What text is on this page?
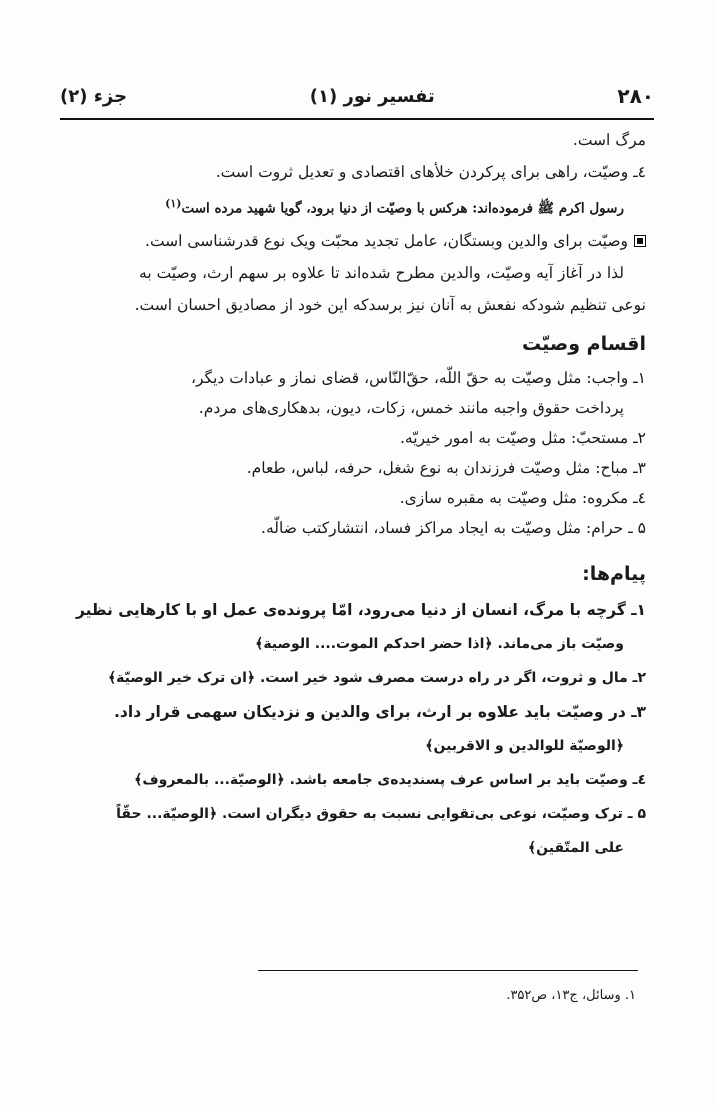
۲۸۰
تفسیر نور (۱)
جزء (۲)
مرگ است.
٤ـ وصیّت، راهی برای پرکردن خلأهای اقتصادی و تعدیل ثروت است.
رسول اکرم ﷺ فرموده‌اند: هرکس با وصیّت از دنیا برود، گویا شهید مرده است$^{(۱)}$
وصیّت برای والدین وبستگان، عامل تجدید محبّت ویک نوع قدرشناسی است.
لذا در آغاز آیه وصیّت، والدین مطرح شده‌اند تا علاوه بر سهم ارث، وصیّت به
نوعی تنظیم شودکه نفعش به آنان نیز برسدکه این خود از مصادیق احسان است.
اقسام وصیّت
۱ـ واجب: مثل وصیّت به حقّ اللّه، حقّ‌النّاس، قضای نماز و عبادات دیگر،
پرداخت حقوق واجبه مانند خمس، زکات، دیون، بدهکاری‌های مردم.
۲ـ مستحبّ: مثل وصیّت به امور خیریّه.
۳ـ مباح: مثل وصیّت فرزندان به نوع شغل، حرفه، لباس، طعام.
٤ـ مکروه: مثل وصیّت به مقبره سازی.
۵ ـ حرام: مثل وصیّت به ایجاد مراکز فساد، انتشارکتب ضالّه.
پیام‌ها:
۱ـ گرچه با مرگ، انسان از دنیا می‌رود، امّا پرونده‌ی عمل او با کارهایی نظیر
وصیّت باز می‌ماند. ﴿اذا حضر احدکم الموت.... الوصیة﴾
۲ـ مال و ثروت، اگر در راه درست مصرف شود خیر است. ﴿ان ترک خیر الوصیّة﴾
۳ـ در وصیّت باید علاوه بر ارث، برای والدین و نزدیکان سهمی قرار داد.
﴿الوصیّة للوالدین و الاقربین﴾
٤ـ وصیّت باید بر اساس عرف پسندیده‌ی جامعه باشد. ﴿الوصیّة... بالمعروف﴾
۵ ـ ترک وصیّت، نوعی بی‌تقوایی نسبت به حقوق دیگران است. ﴿الوصیّة... حقّاً
علی المتّقین﴾
۱. وسائل، ج۱۳، ص۳۵۲.
